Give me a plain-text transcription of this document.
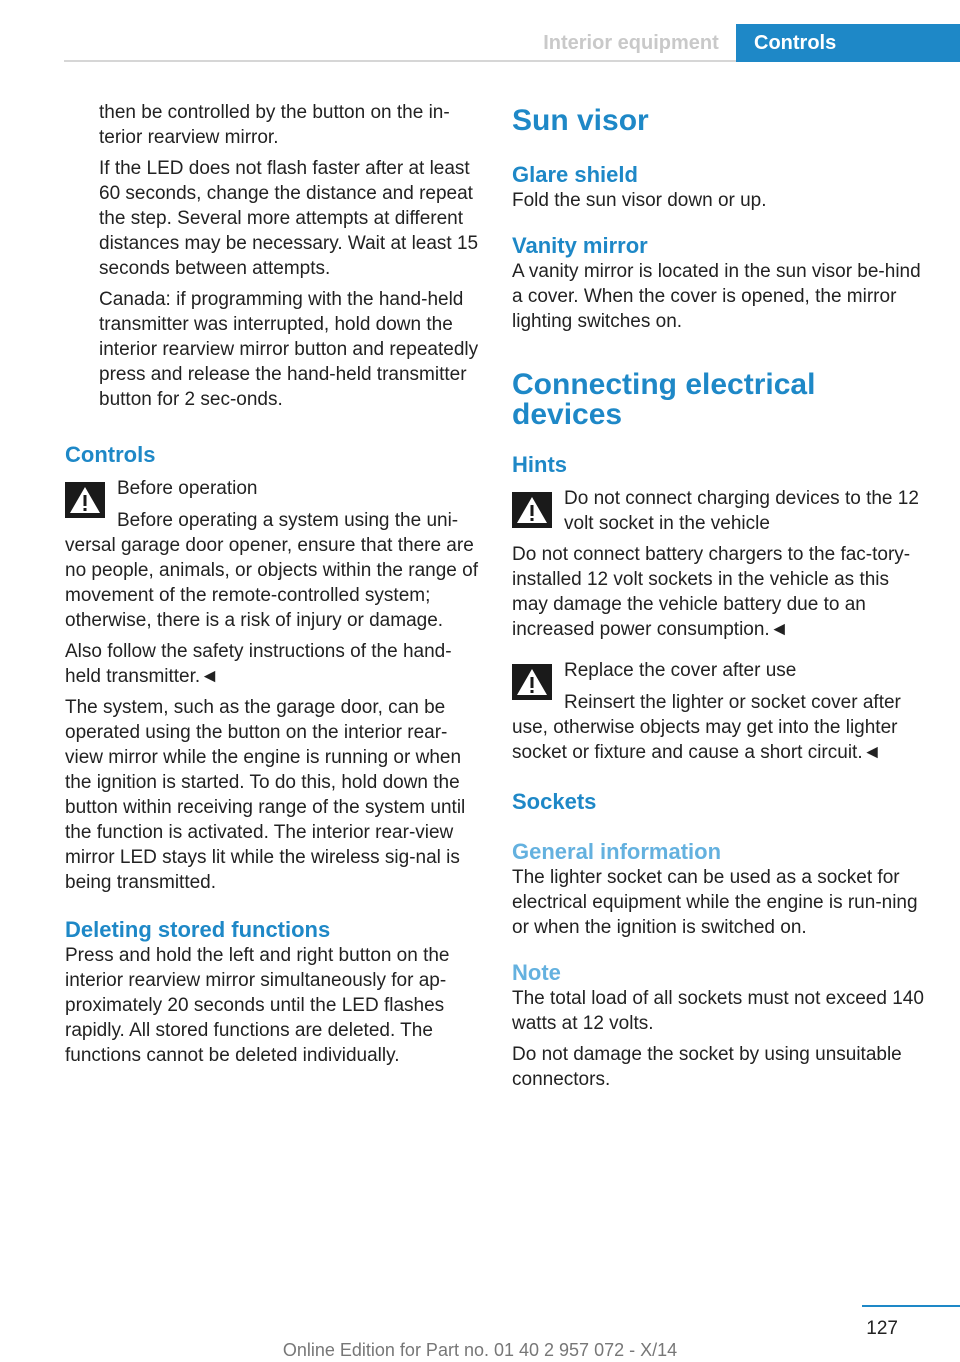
Interior equipment	Controls

then be controlled by the button on the in-terior rearview mirror.

If the LED does not flash faster after at least 60 seconds, change the distance and repeat the step. Several more attempts at different distances may be necessary. Wait at least 15 seconds between attempts.

Canada: if programming with the hand-held transmitter was interrupted, hold down the interior rearview mirror button and repeatedly press and release the hand-held transmitter button for 2 sec-onds.

Controls

Before operation

Before operating a system using the uni-versal garage door opener, ensure that there are no people, animals, or objects within the range of movement of the remote-controlled system; otherwise, there is a risk of injury or damage.

Also follow the safety instructions of the hand-held transmitter.◄

The system, such as the garage door, can be operated using the button on the interior rear-view mirror while the engine is running or when the ignition is started. To do this, hold down the button within receiving range of the system until the function is activated. The interior rear-view mirror LED stays lit while the wireless sig-nal is being transmitted.

Deleting stored functions

Press and hold the left and right button on the interior rearview mirror simultaneously for ap-proximately 20 seconds until the LED flashes rapidly. All stored functions are deleted. The functions cannot be deleted individually.

Sun visor
Glare shield

Fold the sun visor down or up.

Vanity mirror

A vanity mirror is located in the sun visor be-hind a cover. When the cover is opened, the mirror lighting switches on.

Connecting electrical devices
Hints

Do not connect charging devices to the 12 volt socket in the vehicle

Do not connect battery chargers to the fac-tory-installed 12 volt sockets in the vehicle as this may damage the vehicle battery due to an increased power consumption.◄

Replace the cover after use

Reinsert the lighter or socket cover after use, otherwise objects may get into the lighter socket or fixture and cause a short circuit.◄

Sockets
General information

The lighter socket can be used as a socket for electrical equipment while the engine is run-ning or when the ignition is switched on.

Note

The total load of all sockets must not exceed 140 watts at 12 volts.

Do not damage the socket by using unsuitable connectors.

127
Online Edition for Part no. 01 40 2 957 072 - X/14
